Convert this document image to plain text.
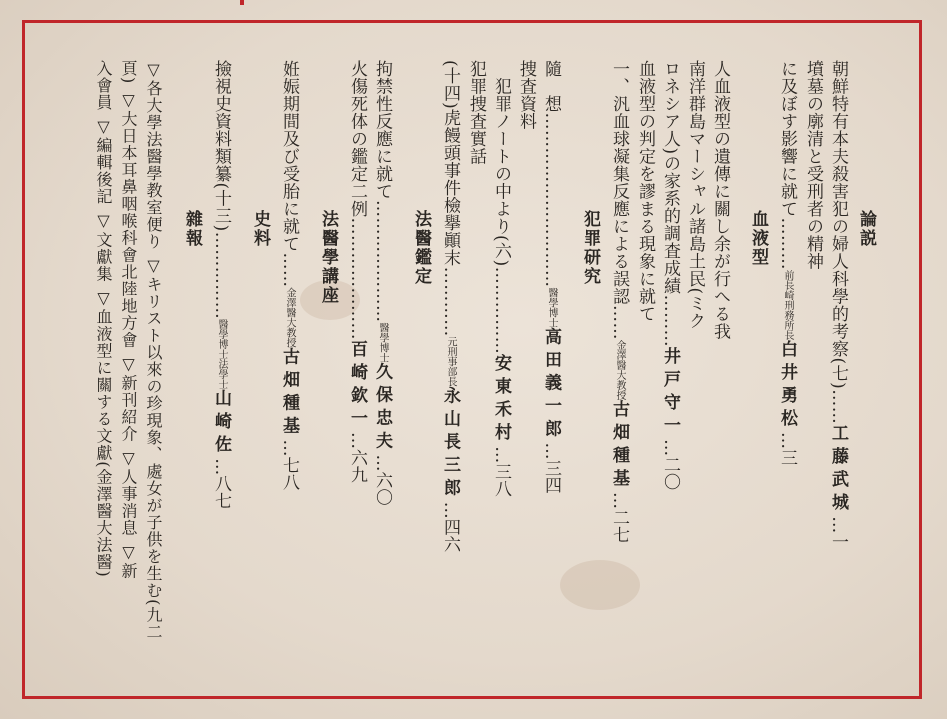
論説
朝鮮特有本夫殺害犯の婦人科學的考察(七)……工藤武城…一
墳墓の廓清と受刑者の精神
に及ぼす影響に就て………前長崎刑務所長白井勇松…三
血液型
人血液型の遺傳に關し余が行へる我
南洋群島マーシャル諸島土民(ミク
ロネシア人)の家系的調査成績………井戸守一…二〇
血液型の判定を謬まる現象に就て
一、汎血球凝集反應による誤認……金澤醫大教授古畑種基…二七
犯罪研究
隨　想…………………………醫學博士高田義一郎…三四
捜査資料
　犯罪ノートの中より(六)……………安東禾村…三八
犯罪捜査實話
(十四)虎饅頭事件檢擧顚末…………元刑事部長永山長三郎…四六
法醫鑑定
拘禁性反應に就て…………………醫學博士久保忠夫…六〇
火傷死体の鑑定二例…………………百崎欽一…六九
法醫學講座
姙娠期間及び受胎に就て……金澤醫大教授古畑種基…七八
史料
撿視史資料類纂(十三)……………醫學博士法學士山崎佐…八七
雜報
▽各大學法醫學教室便り ▽キリスト以來の珍現象、處女が子供を生む(九二
頁) ▽大日本耳鼻咽喉科會北陸地方會 ▽新刊紹介 ▽人事消息 ▽新
入會員 ▽編輯後記 ▽文獻集 ▽血液型に關する文獻(金澤醫大法醫)
